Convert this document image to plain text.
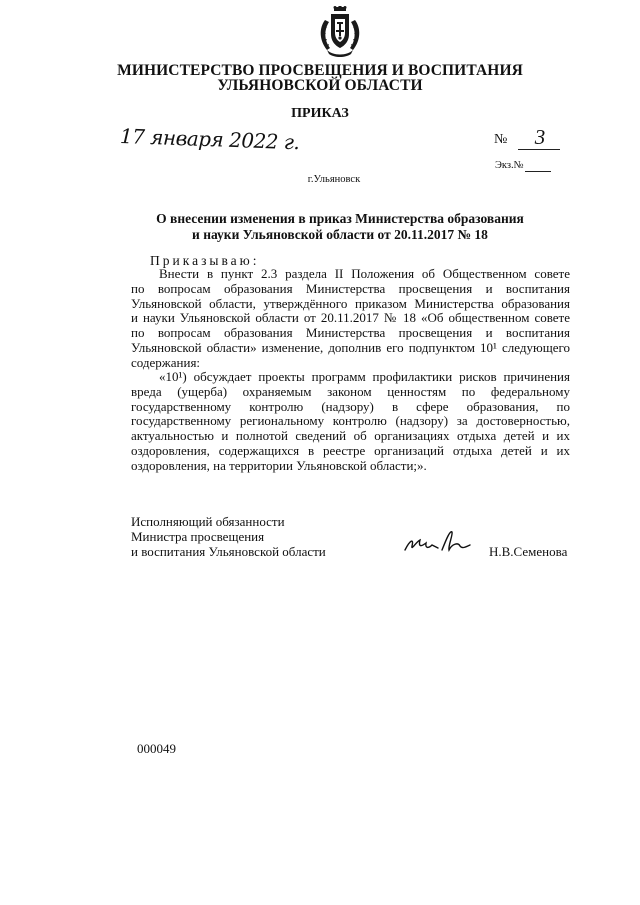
МИНИСТЕРСТВО ПРОСВЕЩЕНИЯ И ВОСПИТАНИЯ
УЛЬЯНОВСКОЙ ОБЛАСТИ
ПРИКАЗ
17 января 2022 г.	№	3
Экз.№
г.Ульяновск
О внесении изменения в приказ Министерства образования
и науки Ульяновской области от 20.11.2017 № 18
Приказываю:
Внести в пункт 2.3 раздела II Положения об Общественном совете
по вопросам образования Министерства просвещения и воспитания
Ульяновской области, утверждённого приказом Министерства образования
и науки Ульяновской области от 20.11.2017 № 18 «Об общественном совете
по вопросам образования Министерства просвещения и воспитания
Ульяновской области» изменение, дополнив его подпунктом 10¹ следующего
содержания:
«10¹) обсуждает проекты программ профилактики рисков причинения
вреда (ущерба) охраняемым законом ценностям по федеральному
государственному контролю (надзору) в сфере образования, по
государственному региональному контролю (надзору) за достоверностью,
актуальностью и полнотой сведений об организациях отдыха детей и их
оздоровления, содержащихся в реестре организаций отдыха детей и их
оздоровления, на территории Ульяновской области;».
Исполняющий обязанности
Министра просвещения
и воспитания Ульяновской области	Н.В.Семенова
000049
